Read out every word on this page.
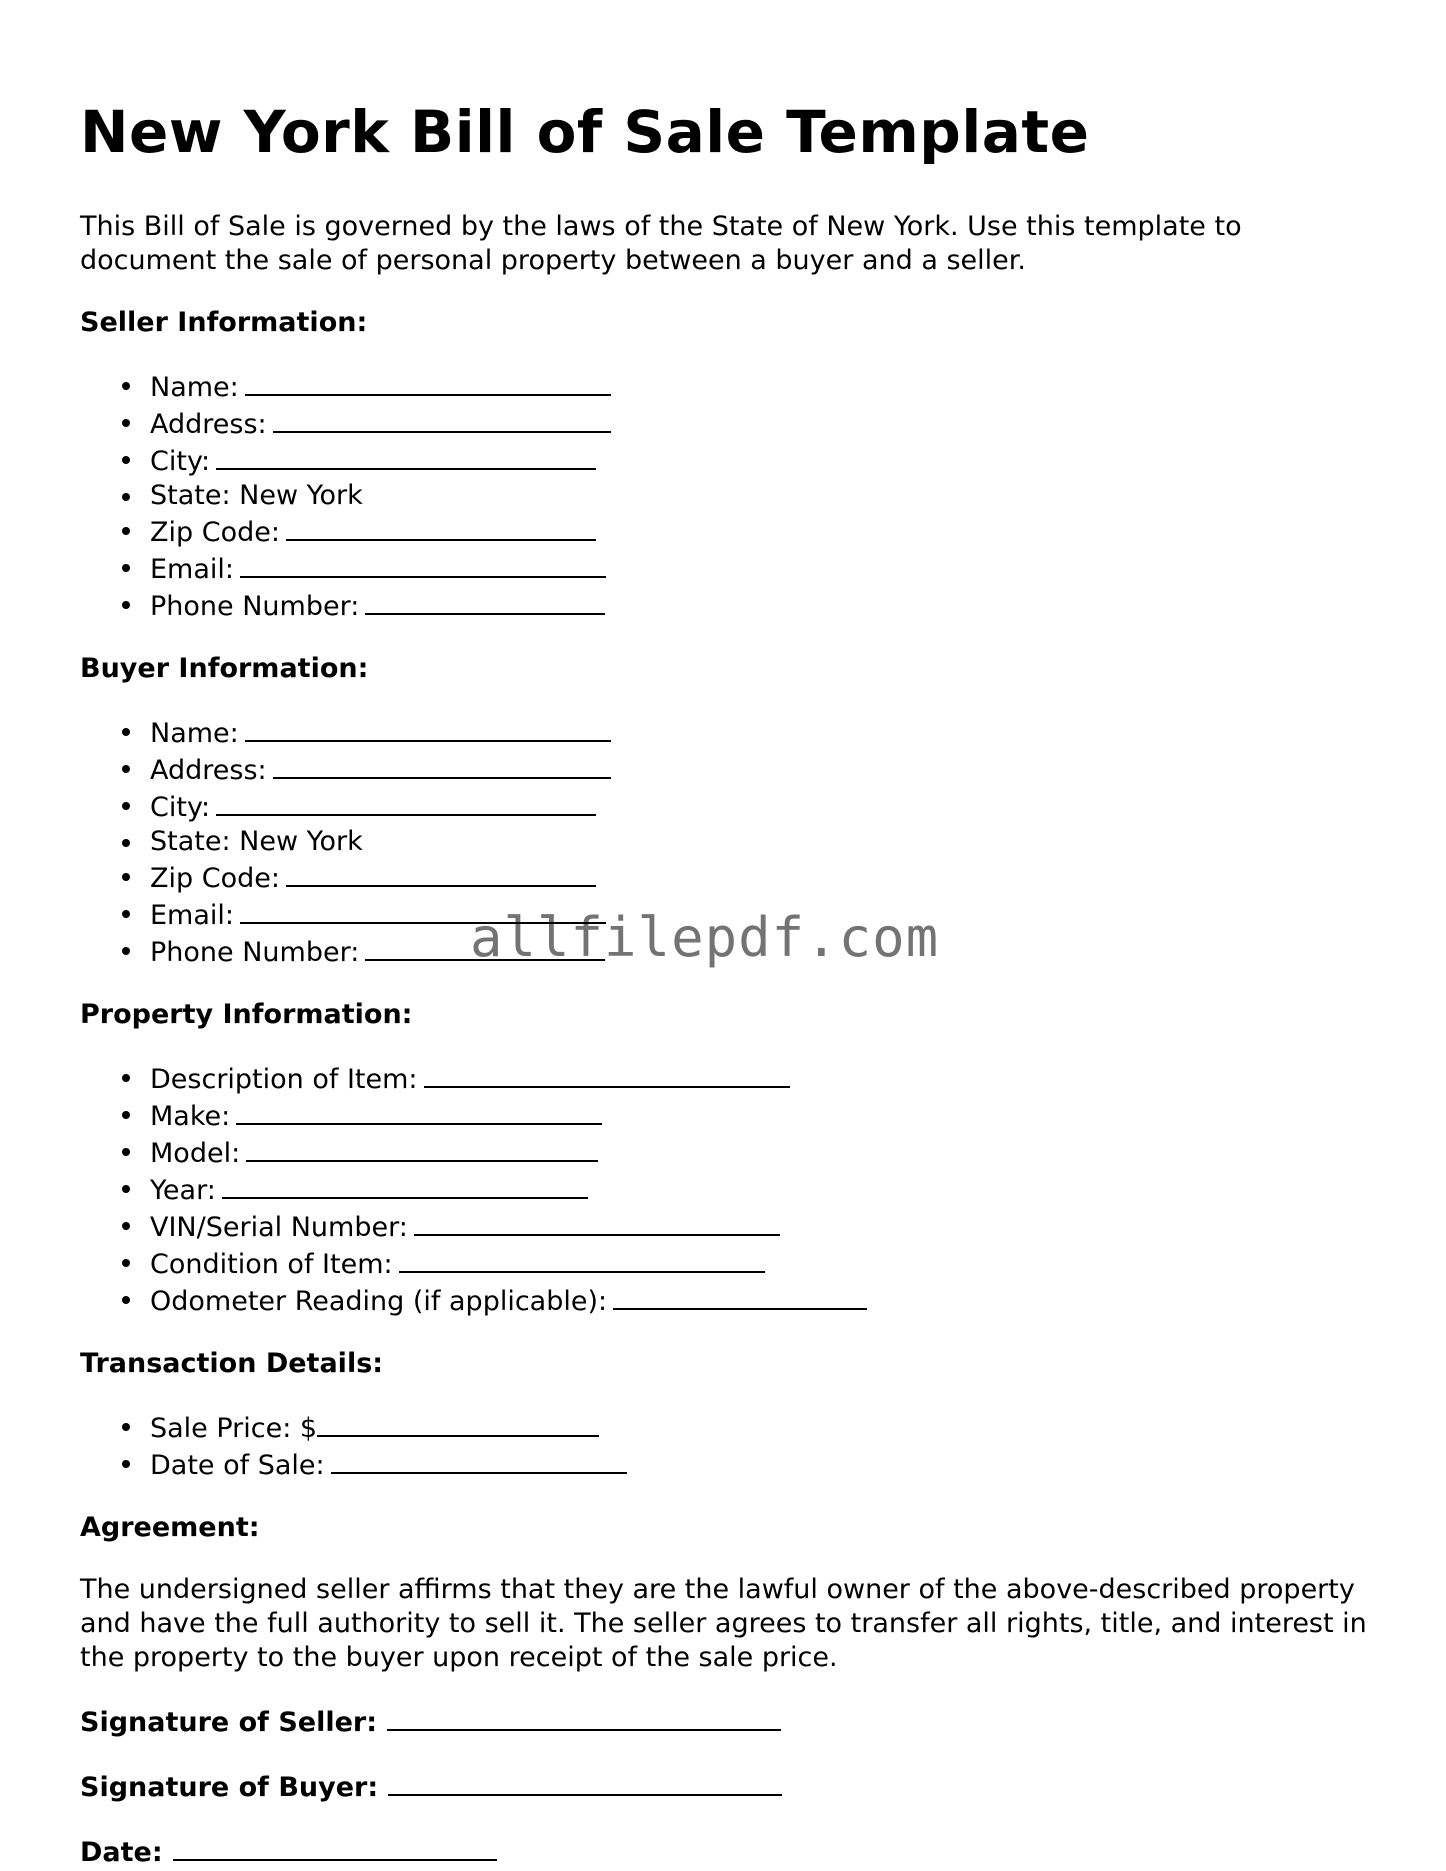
New York Bill of Sale Template

This Bill of Sale is governed by the laws of the State of New York. Use this template to document the sale of personal property between a buyer and a seller.

Seller Information:
Name:
Address:
City:
State: New York
Zip Code:
Email:
Phone Number:
Buyer Information:
Name:
Address:
City:
State: New York
Zip Code:
Email:
Phone Number:
Property Information:
Description of Item:
Make:
Model:
Year:
VIN/Serial Number:
Condition of Item:
Odometer Reading (if applicable):
Transaction Details:
Sale Price: $
Date of Sale:
Agreement:

The undersigned seller affirms that they are the lawful owner of the above-described property and have the full authority to sell it. The seller agrees to transfer all rights, title, and interest in the property to the buyer upon receipt of the sale price.

Signature of Seller:
Signature of Buyer:
Date:
allfilepdf.com
